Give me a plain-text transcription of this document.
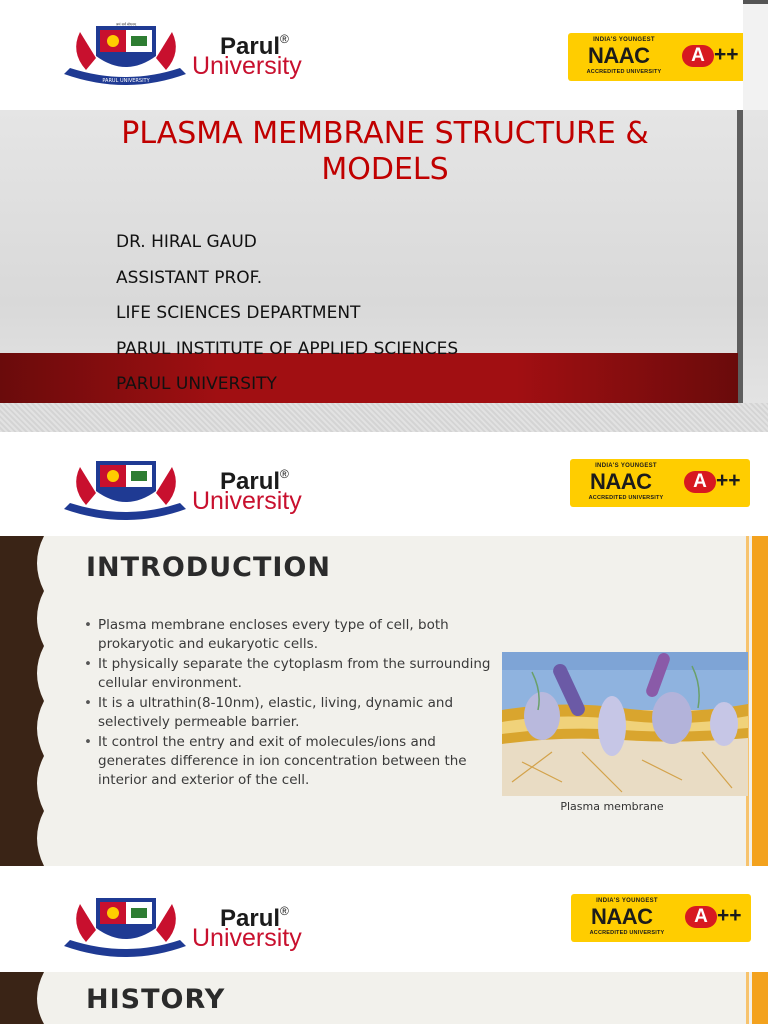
PARUL UNIVERSITY
श्रमं सर्वं बोधनम्
Parul®
University
INDIA'S YOUNGEST
NAAC	A ++
ACCREDITED UNIVERSITY
PLASMA MEMBRANE STRUCTURE &
MODELS
DR. HIRAL GAUD
ASSISTANT PROF.
LIFE SCIENCES DEPARTMENT
PARUL INSTITUTE OF APPLIED SCIENCES
PARUL UNIVERSITY
Parul®
University
INDIA'S YOUNGEST
NAAC	A ++
ACCREDITED UNIVERSITY
INTRODUCTION
• Plasma membrane encloses every type of cell, both prokaryotic and eukaryotic cells.
• It physically separate the cytoplasm from the surrounding cellular environment.
• It is a ultrathin(8-10nm), elastic, living, dynamic and selectively permeable barrier.
• It control the entry and exit of molecules/ions and generates difference in ion concentration between the interior and exterior of the cell.
Plasma membrane
Parul®
University
INDIA'S YOUNGEST
NAAC	A ++
ACCREDITED UNIVERSITY
HISTORY
